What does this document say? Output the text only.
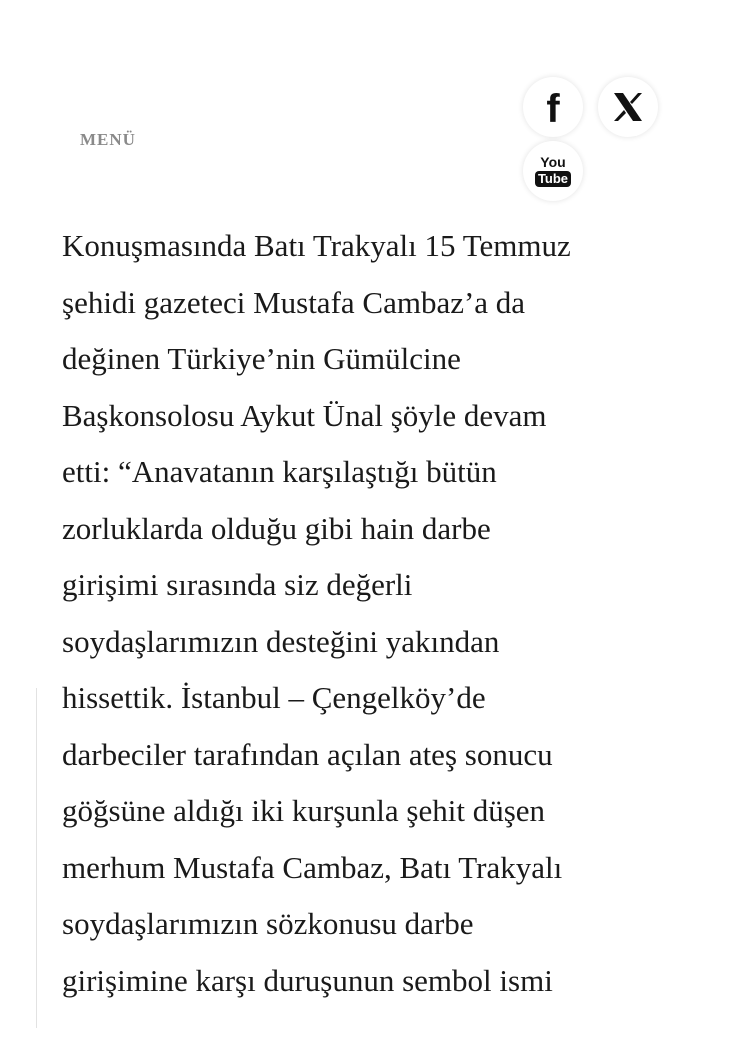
MENÜ
f
You
Tube

Konuşmasında Batı Trakyalı 15 Temmuz
şehidi gazeteci Mustafa Cambaz’a da
değinen Türkiye’nin Gümülcine
Başkonsolosu Aykut Ünal şöyle devam
etti: “Anavatanın karşılaştığı bütün
zorluklarda olduğu gibi hain darbe
girişimi sırasında siz değerli
soydaşlarımızın desteğini yakından
hissettik. İstanbul – Çengelköy’de
darbeciler tarafından açılan ateş sonucu
göğsüne aldığı iki kurşunla şehit düşen
merhum Mustafa Cambaz, Batı Trakyalı
soydaşlarımızın sözkonusu darbe
girişimine karşı duruşunun sembol ismi
